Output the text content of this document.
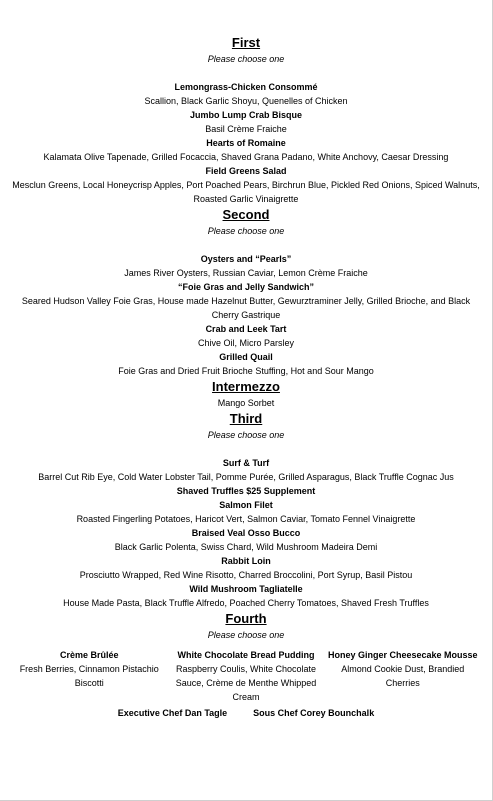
First

Please choose one

Lemongrass-Chicken Consommé

Scallion, Black Garlic Shoyu, Quenelles of Chicken

Jumbo Lump Crab Bisque

Basil Crème Fraiche

Hearts of Romaine

Kalamata Olive Tapenade, Grilled Focaccia, Shaved Grana Padano, White Anchovy, Caesar Dressing

Field Greens Salad

Mesclun Greens, Local Honeycrisp Apples, Port Poached Pears, Birchrun Blue, Pickled Red Onions, Spiced Walnuts, Roasted Garlic Vinaigrette

Second

Please choose one

Oysters and “Pearls”

James River Oysters, Russian Caviar, Lemon Crème Fraiche

“Foie Gras and Jelly Sandwich”

Seared Hudson Valley Foie Gras, House made Hazelnut Butter, Gewurztraminer Jelly, Grilled Brioche, and Black Cherry Gastrique

Crab and Leek Tart

Chive Oil, Micro Parsley

Grilled Quail

Foie Gras and Dried Fruit Brioche Stuffing, Hot and Sour Mango

Intermezzo

Mango Sorbet

Third

Please choose one

Surf & Turf

Barrel Cut Rib Eye, Cold Water Lobster Tail, Pomme Purée, Grilled Asparagus, Black Truffle Cognac Jus

Shaved Truffles $25 Supplement

Salmon Filet

Roasted Fingerling Potatoes, Haricot Vert, Salmon Caviar, Tomato Fennel Vinaigrette

Braised Veal Osso Bucco

Black Garlic Polenta, Swiss Chard, Wild Mushroom Madeira Demi

Rabbit Loin

Prosciutto Wrapped, Red Wine Risotto, Charred Broccolini, Port Syrup, Basil Pistou

Wild Mushroom Tagliatelle

House Made Pasta, Black Truffle Alfredo, Poached Cherry Tomatoes, Shaved Fresh Truffles

Fourth

Please choose one

Crème Brûlée

Fresh Berries, Cinnamon Pistachio Biscotti

White Chocolate Bread Pudding

Raspberry Coulis, White Chocolate Sauce, Crème de Menthe Whipped Cream

Honey Ginger Cheesecake Mousse

Almond Cookie Dust, Brandied Cherries

Executive Chef Dan Tagle	Sous Chef Corey Bounchalk
